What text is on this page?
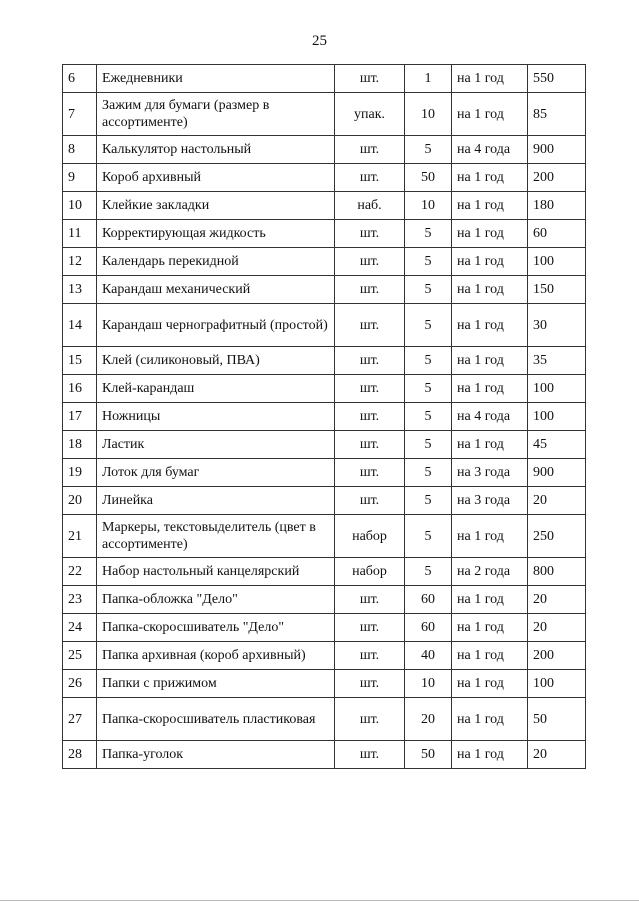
25
6	Ежедневники	шт.	1	на 1 год	550
7	Зажим для бумаги (размер в ассортименте)	упак.	10	на 1 год	85
8	Калькулятор настольный	шт.	5	на 4 года	900
9	Короб архивный	шт.	50	на 1 год	200
10	Клейкие закладки	наб.	10	на 1 год	180
11	Корректирующая жидкость	шт.	5	на 1 год	60
12	Календарь перекидной	шт.	5	на 1 год	100
13	Карандаш механический	шт.	5	на 1 год	150
14	Карандаш чернографитный (простой)	шт.	5	на 1 год	30
15	Клей (силиконовый, ПВА)	шт.	5	на 1 год	35
16	Клей-карандаш	шт.	5	на 1 год	100
17	Ножницы	шт.	5	на 4 года	100
18	Ластик	шт.	5	на 1 год	45
19	Лоток для бумаг	шт.	5	на 3 года	900
20	Линейка	шт.	5	на 3 года	20
21	Маркеры, текстовыделитель (цвет в ассортименте)	набор	5	на 1 год	250
22	Набор настольный канцелярский	набор	5	на 2 года	800
23	Папка-обложка "Дело"	шт.	60	на 1 год	20
24	Папка-скоросшиватель "Дело"	шт.	60	на 1 год	20
25	Папка архивная (короб архивный)	шт.	40	на 1 год	200
26	Папки с прижимом	шт.	10	на 1 год	100
27	Папка-скоросшиватель пластиковая	шт.	20	на 1 год	50
28	Папка-уголок	шт.	50	на 1 год	20
